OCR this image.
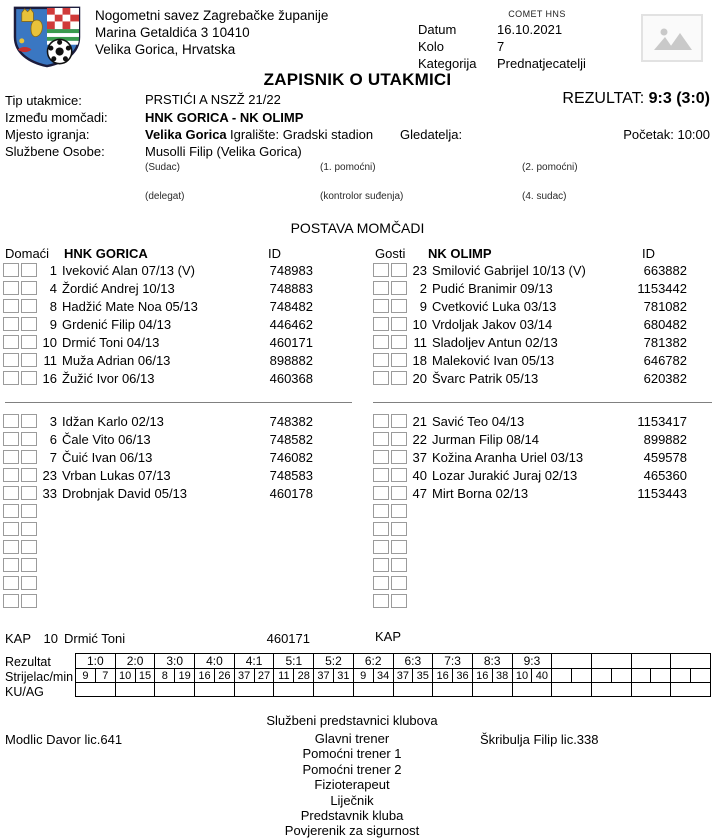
Nogometni savez Zagrebačke županije
Marina Getaldića 3 10410
Velika Gorica, Hrvatska
COMET HNS
Datum	16.10.2021
Kolo	7
Kategorija Prednatjecatelji
ZAPISNIK O UTAKMICI
Tip utakmice:	PRSTIĆI A NSZŽ 21/22	REZULTAT: 9:3 (3:0)
Između momčadi:	HNK GORICA - NK OLIMP
Mjesto igranja:	Velika Gorica Igralište: Gradski stadion Gledatelja:	Početak: 10:00
Službene Osobe:	Musolli Filip (Velika Gorica)
(Sudac)	(1. pomoćni)	(2. pomoćni)
(delegat)	(kontrolor suđenja)	(4. sudac)
POSTAVA MOMČADI
Domaći HNK GORICA	ID	Gosti NK OLIMP	ID
1 Iveković Alan 07/13 (V)	748983
4 Žordić Andrej 10/13	748883
8 Hadžić Mate Noa 05/13	748482
9 Grdenić Filip 04/13	446462
10 Drmić Toni 04/13	460171
11 Muža Adrian 06/13	898882
16 Žužić Ivor 06/13	460368
23 Smilović Gabrijel 10/13 (V)	663882
2 Pudić Branimir 09/13	1153442
9 Cvetković Luka 03/13	781082
10 Vrdoljak Jakov 03/14	680482
11 Sladoljev Antun 02/13	781382
18 Maleković Ivan 05/13	646782
20 Švarc Patrik 05/13	620382
3 Idžan Karlo 02/13	748382
6 Čale Vito 06/13	748582
7 Čuić Ivan 06/13	746082
23 Vrban Lukas 07/13	748583
33 Drobnjak David 05/13	460178
21 Savić Teo 04/13	1153417
22 Jurman Filip 08/14	899882
37 Kožina Aranha Uriel 03/13	459578
40 Lozar Jurakić Juraj 02/13	465360
47 Mirt Borna 02/13	1153443
KAP 10 Drmić Toni	460171	KAP
Rezultat
Strijelac/min
KU/AG
1:0		2:0		3:0		4:0		4:1		5:1		5:2		6:2		6:3		7:3		8:3		9:3									
9	7	10	15	8	19	16	26	37	27	11	28	37	31	9	34	37	35	16	36	16	38	10	40								

Službeni predstavnici klubova
Modlic Davor lic.641	Škribulja Filip lic.338
Glavni trener
Pomoćni trener 1
Pomoćni trener 2
Fizioterapeut
Liječnik
Predstavnik kluba
Povjerenik za sigurnost
